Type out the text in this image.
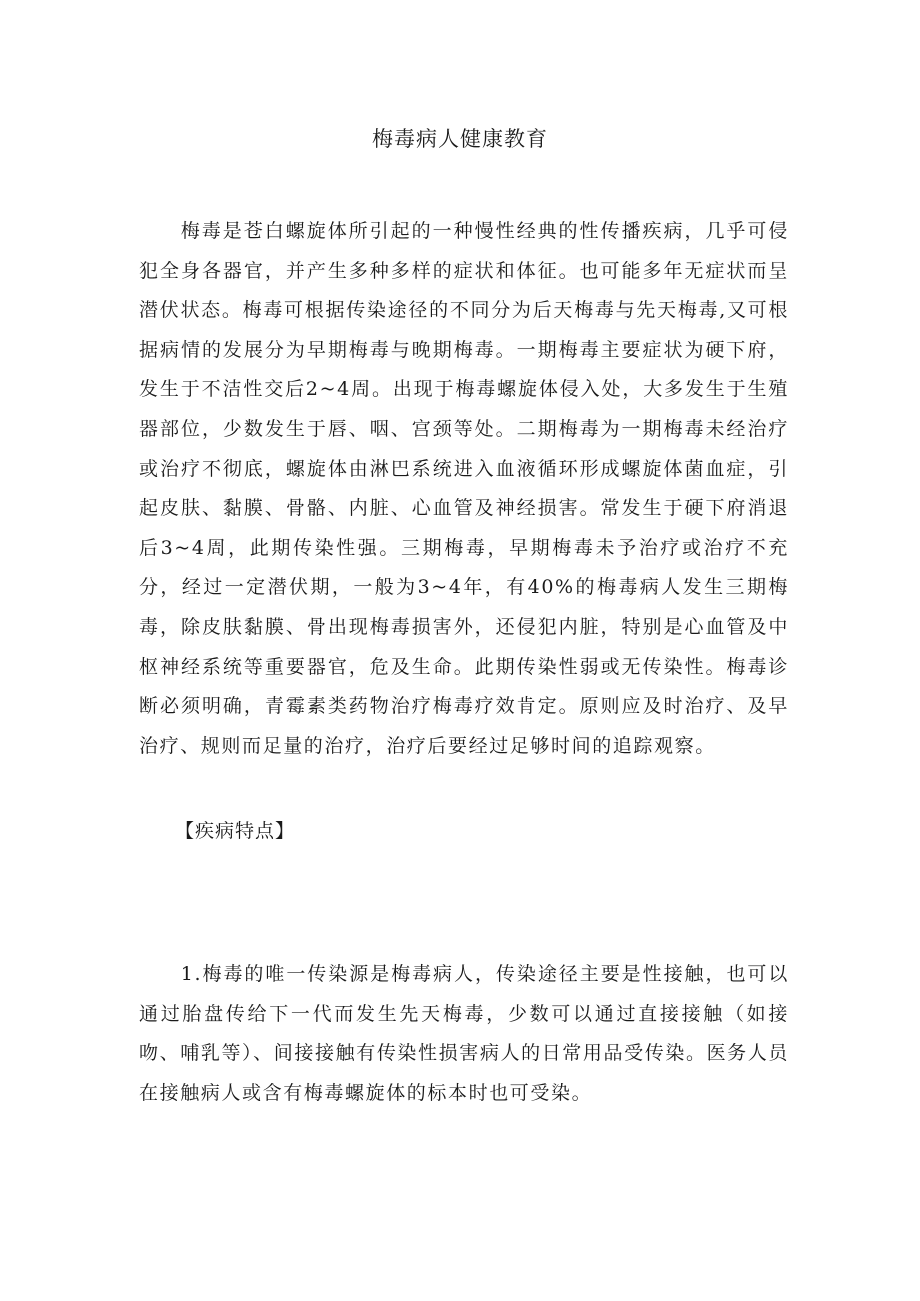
梅毒病人健康教育

梅毒是苍白螺旋体所引起的一种慢性经典的性传播疾病，几乎可侵犯全身各器官，并产生多种多样的症状和体征。也可能多年无症状而呈潜伏状态。梅毒可根据传染途径的不同分为后天梅毒与先天梅毒,又可根据病情的发展分为早期梅毒与晚期梅毒。一期梅毒主要症状为硬下府，发生于不洁性交后2~4周。出现于梅毒螺旋体侵入处，大多发生于生殖器部位，少数发生于唇、咽、宫颈等处。二期梅毒为一期梅毒未经治疗或治疗不彻底，螺旋体由淋巴系统进入血液循环形成螺旋体菌血症，引起皮肤、黏膜、骨骼、内脏、心血管及神经损害。常发生于硬下府消退后3~4周，此期传染性强。三期梅毒，早期梅毒未予治疗或治疗不充分，经过一定潜伏期，一般为3~4年，有40%的梅毒病人发生三期梅毒，除皮肤黏膜、骨出现梅毒损害外，还侵犯内脏，特别是心血管及中枢神经系统等重要器官，危及生命。此期传染性弱或无传染性。梅毒诊断必须明确，青霉素类药物治疗梅毒疗效肯定。原则应及时治疗、及早治疗、规则而足量的治疗，治疗后要经过足够时间的追踪观察。

【疾病特点】

1.梅毒的唯一传染源是梅毒病人，传染途径主要是性接触，也可以通过胎盘传给下一代而发生先天梅毒，少数可以通过直接接触（如接吻、哺乳等）、间接接触有传染性损害病人的日常用品受传染。医务人员在接触病人或含有梅毒螺旋体的标本时也可受染。
